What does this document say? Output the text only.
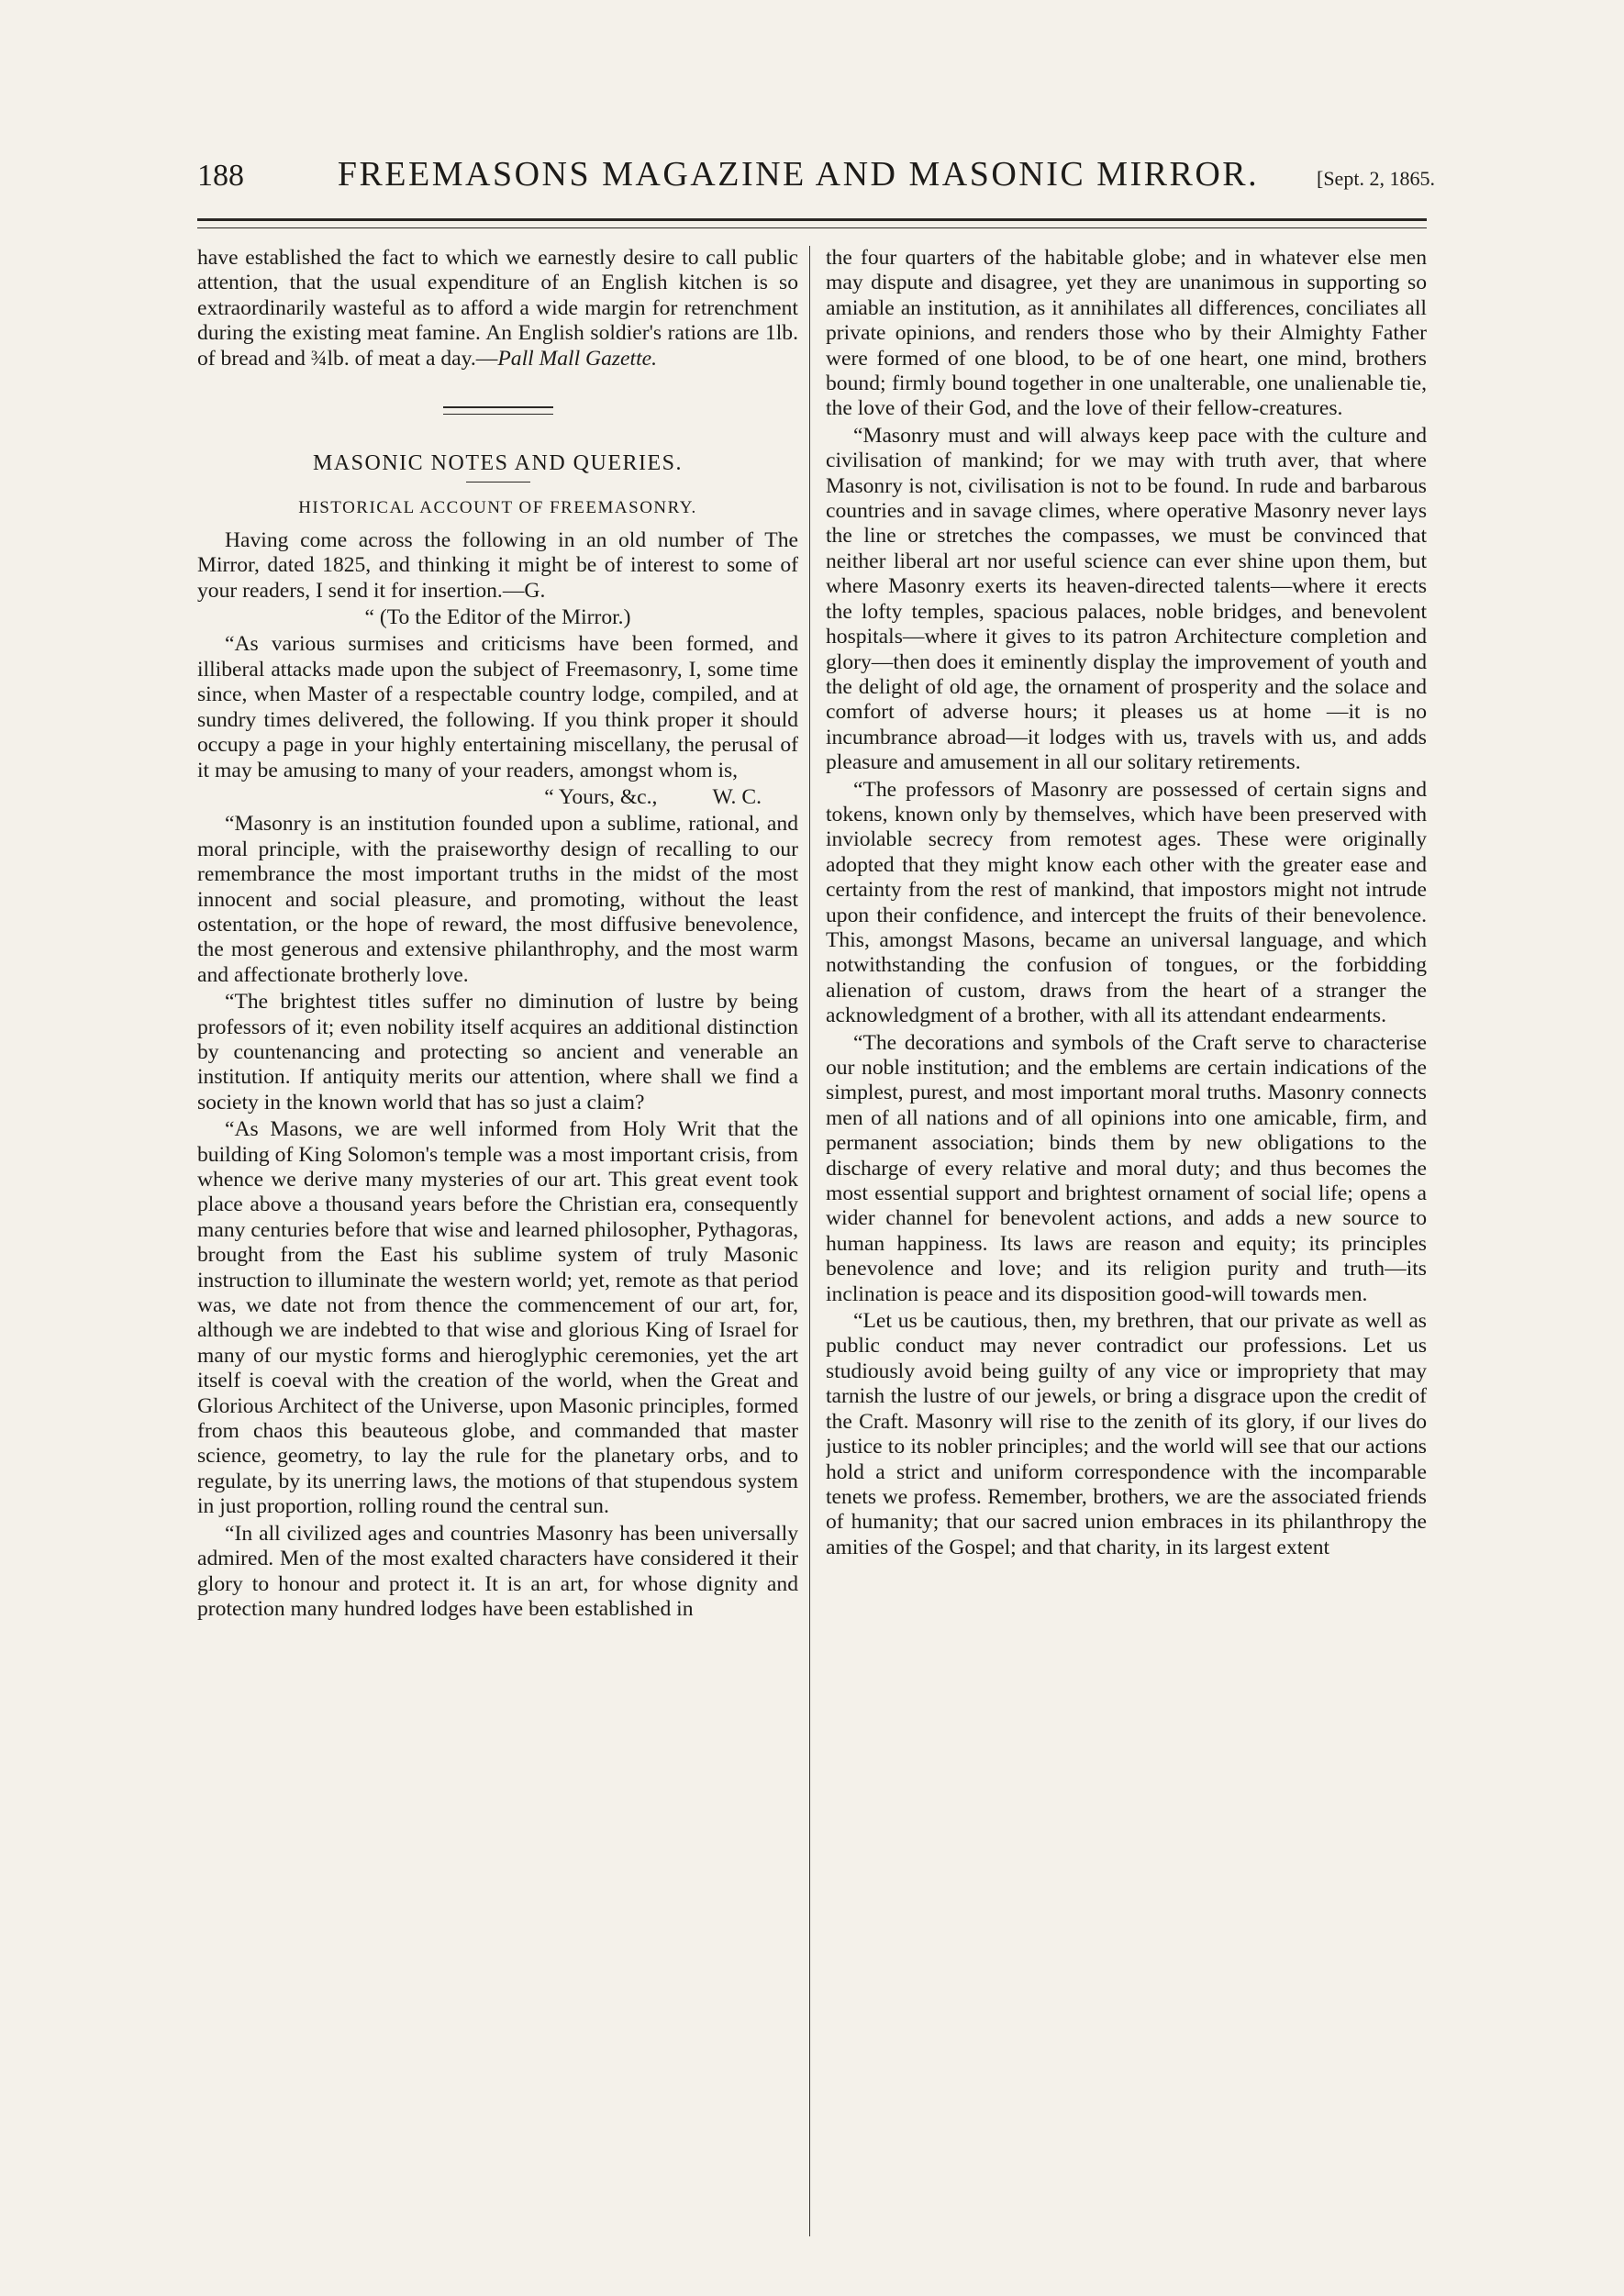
188	FREEMASONS MAGAZINE AND MASONIC MIRROR.	[Sept. 2, 1865.

have established the fact to which we earnestly desire to call public attention, that the usual expenditure of an English kitchen is so extraordinarily wasteful as to afford a wide margin for retrenchment during the existing meat famine. An English soldier's rations are 1lb. of bread and ¾lb. of meat a day.—Pall Mall Gazette.

MASONIC NOTES AND QUERIES.
HISTORICAL ACCOUNT OF FREEMASONRY.

Having come across the following in an old number of The Mirror, dated 1825, and thinking it might be of interest to some of your readers, I send it for insertion.—G.

“ (To the Editor of the Mirror.)

“As various surmises and criticisms have been formed, and illiberal attacks made upon the subject of Freemasonry, I, some time since, when Master of a respectable country lodge, compiled, and at sundry times delivered, the following. If you think proper it should occupy a page in your highly entertaining miscellany, the perusal of it may be amusing to many of your readers, amongst whom is,

“ Yours, &c.,	W. C.

“Masonry is an institution founded upon a sublime, rational, and moral principle, with the praiseworthy design of recalling to our remembrance the most important truths in the midst of the most innocent and social pleasure, and promoting, without the least ostentation, or the hope of reward, the most diffusive benevolence, the most generous and extensive philanthrophy, and the most warm and affectionate brotherly love.

“The brightest titles suffer no diminution of lustre by being professors of it; even nobility itself acquires an additional distinction by countenancing and protecting so ancient and venerable an institution. If antiquity merits our attention, where shall we find a society in the known world that has so just a claim?

“As Masons, we are well informed from Holy Writ that the building of King Solomon's temple was a most important crisis, from whence we derive many mysteries of our art. This great event took place above a thousand years before the Christian era, consequently many centuries before that wise and learned philosopher, Pythagoras, brought from the East his sublime system of truly Masonic instruction to illuminate the western world; yet, remote as that period was, we date not from thence the commencement of our art, for, although we are indebted to that wise and glorious King of Israel for many of our mystic forms and hieroglyphic ceremonies, yet the art itself is coeval with the creation of the world, when the Great and Glorious Architect of the Universe, upon Masonic principles, formed from chaos this beauteous globe, and commanded that master science, geometry, to lay the rule for the planetary orbs, and to regulate, by its unerring laws, the motions of that stupendous system in just proportion, rolling round the central sun.

“In all civilized ages and countries Masonry has been universally admired. Men of the most exalted characters have considered it their glory to honour and protect it. It is an art, for whose dignity and protection many hundred lodges have been established in

the four quarters of the habitable globe; and in whatever else men may dispute and disagree, yet they are unanimous in supporting so amiable an institution, as it annihilates all differences, conciliates all private opinions, and renders those who by their Almighty Father were formed of one blood, to be of one heart, one mind, brothers bound; firmly bound together in one unalterable, one unalienable tie, the love of their God, and the love of their fellow-creatures.

“Masonry must and will always keep pace with the culture and civilisation of mankind; for we may with truth aver, that where Masonry is not, civilisation is not to be found. In rude and barbarous countries and in savage climes, where operative Masonry never lays the line or stretches the compasses, we must be convinced that neither liberal art nor useful science can ever shine upon them, but where Masonry exerts its heaven-directed talents—where it erects the lofty temples, spacious palaces, noble bridges, and benevolent hospitals—where it gives to its patron Architecture completion and glory—then does it eminently display the improvement of youth and the delight of old age, the ornament of prosperity and the solace and comfort of adverse hours; it pleases us at home —it is no incumbrance abroad—it lodges with us, travels with us, and adds pleasure and amusement in all our solitary retirements.

“The professors of Masonry are possessed of certain signs and tokens, known only by themselves, which have been preserved with inviolable secrecy from remotest ages. These were originally adopted that they might know each other with the greater ease and certainty from the rest of mankind, that impostors might not intrude upon their confidence, and intercept the fruits of their benevolence. This, amongst Masons, became an universal language, and which notwithstanding the confusion of tongues, or the forbidding alienation of custom, draws from the heart of a stranger the acknowledgment of a brother, with all its attendant endearments.

“The decorations and symbols of the Craft serve to characterise our noble institution; and the emblems are certain indications of the simplest, purest, and most important moral truths. Masonry connects men of all nations and of all opinions into one amicable, firm, and permanent association; binds them by new obligations to the discharge of every relative and moral duty; and thus becomes the most essential support and brightest ornament of social life; opens a wider channel for benevolent actions, and adds a new source to human happiness. Its laws are reason and equity; its principles benevolence and love; and its religion purity and truth—its inclination is peace and its disposition good-will towards men.

“Let us be cautious, then, my brethren, that our private as well as public conduct may never contradict our professions. Let us studiously avoid being guilty of any vice or impropriety that may tarnish the lustre of our jewels, or bring a disgrace upon the credit of the Craft. Masonry will rise to the zenith of its glory, if our lives do justice to its nobler principles; and the world will see that our actions hold a strict and uniform correspondence with the incomparable tenets we profess. Remember, brothers, we are the associated friends of humanity; that our sacred union embraces in its philanthropy the amities of the Gospel; and that charity, in its largest extent
